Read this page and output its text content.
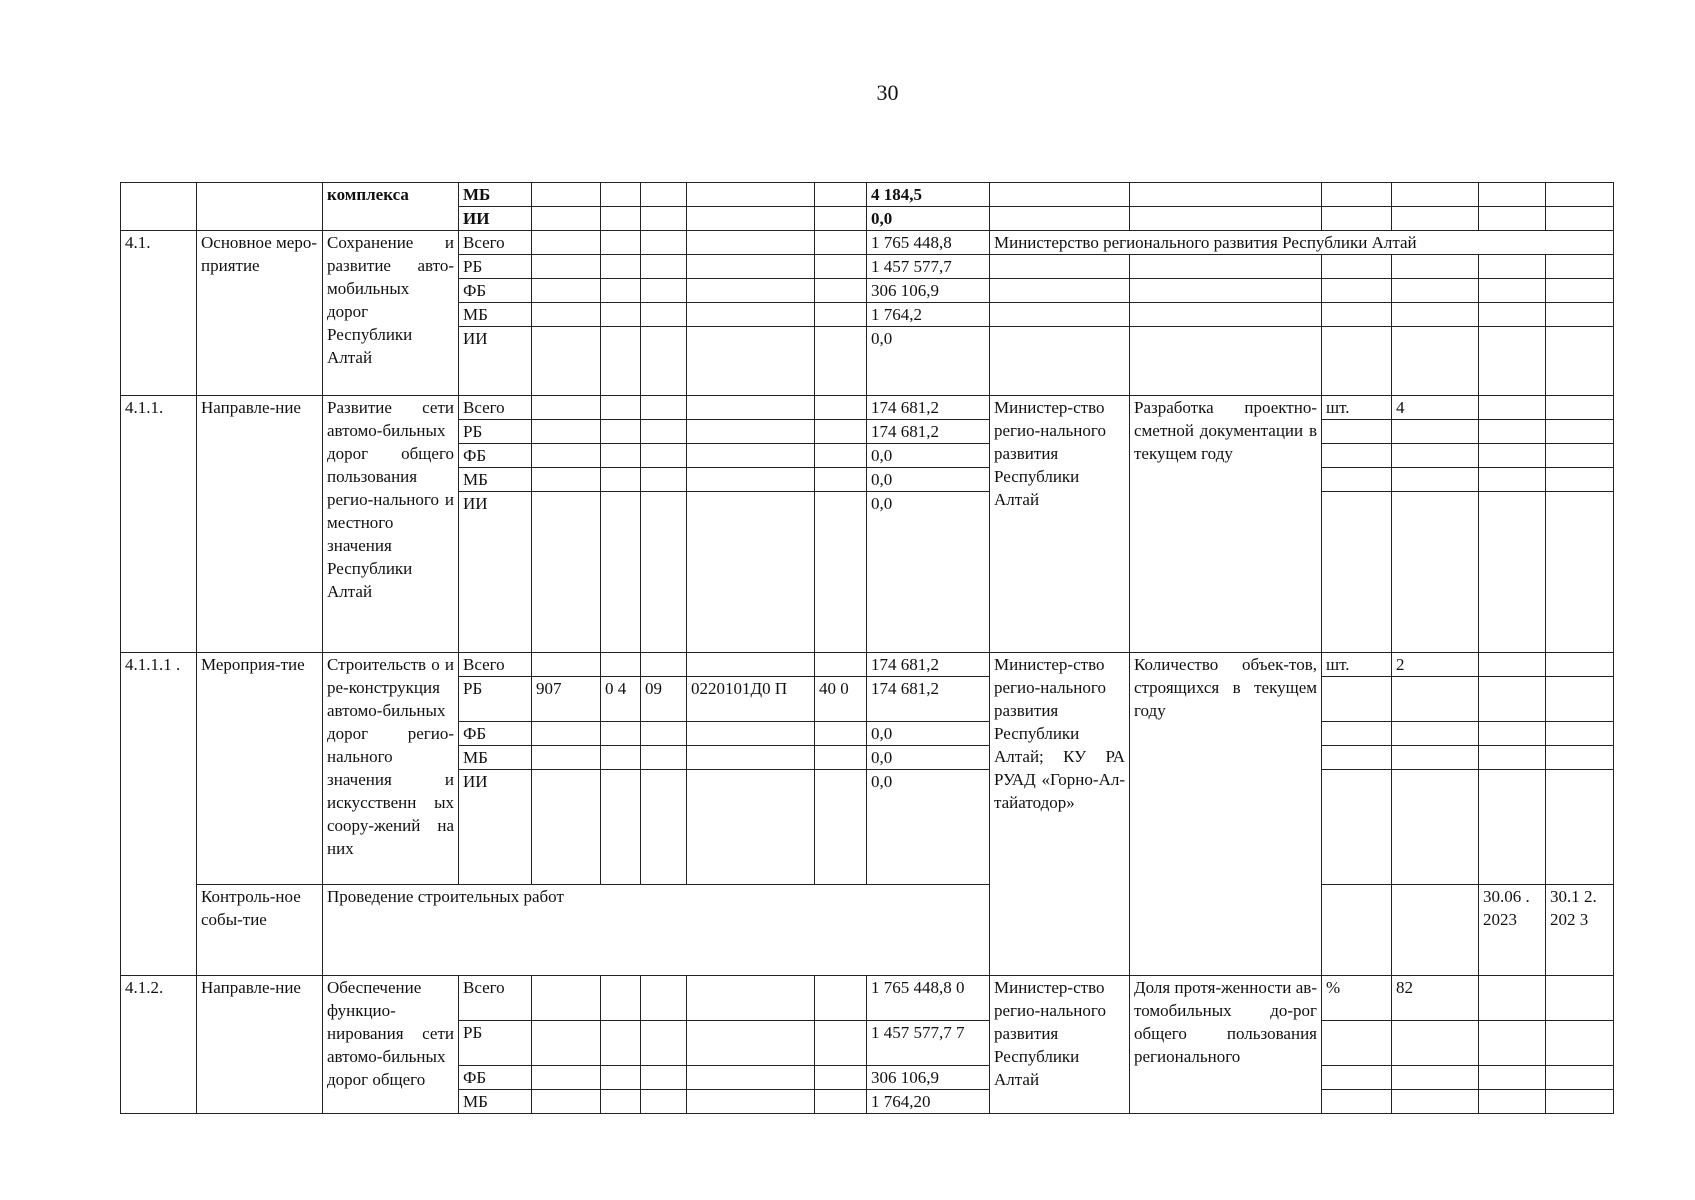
30
		комплекса	МБ						4 184,5						
			ИИ						0,0						
4.1.	Основное меро-приятие	Сохранение и развитие авто-мобильных дорог Республики Алтай	Всего						1 765 448,8	Министерство регионального развития Республики Алтай					
			РБ						1 457 577,7						
			ФБ						306 106,9						
			МБ						1 764,2						
			ИИ						0,0						
4.1.1.	Направле-ние	Развитие сети автомо-бильных дорог общего пользования регио-нального и местного значения Республики Алтай	Всего						174 681,2	Министер-ство регио-нального развития Республики Алтай	Разработка проектно-сметной документации в текущем году	шт.	4		
			РБ						174 681,2						
			ФБ						0,0						
			МБ						0,0						
			ИИ						0,0						
4.1.1.1 .	Мероприя-тие	Строительств о и ре-конструкция автомо-бильных дорог регио-нального значения и искусственн ых соору-жений на них	Всего						174 681,2	Министер-ство регио-нального развития Республики Алтай; КУ РА РУАД «Горно-Ал-тайатодор»	Количество объек-тов, строящихся в текущем году	шт.	2		
			РБ	907	0 4	09	0220101Д0 П	40 0	174 681,2						
			ФБ						0,0						
			МБ						0,0						
			ИИ						0,0						
	Контроль-ное собы-тие	Проведение строительных работ												30.06 . 2023	30.1 2. 202 3
4.1.2.	Направле-ние	Обеспечение функцио-нирования сети автомо-бильных дорог общего	Всего						1 765 448,8 0	Министер-ство регио-нального развития Республики Алтай	Доля протя-женности ав-томобильных до-рог общего пользования регионального	%	82		
			РБ						1 457 577,7 7						
			ФБ						306 106,9						
			МБ						1 764,20						
